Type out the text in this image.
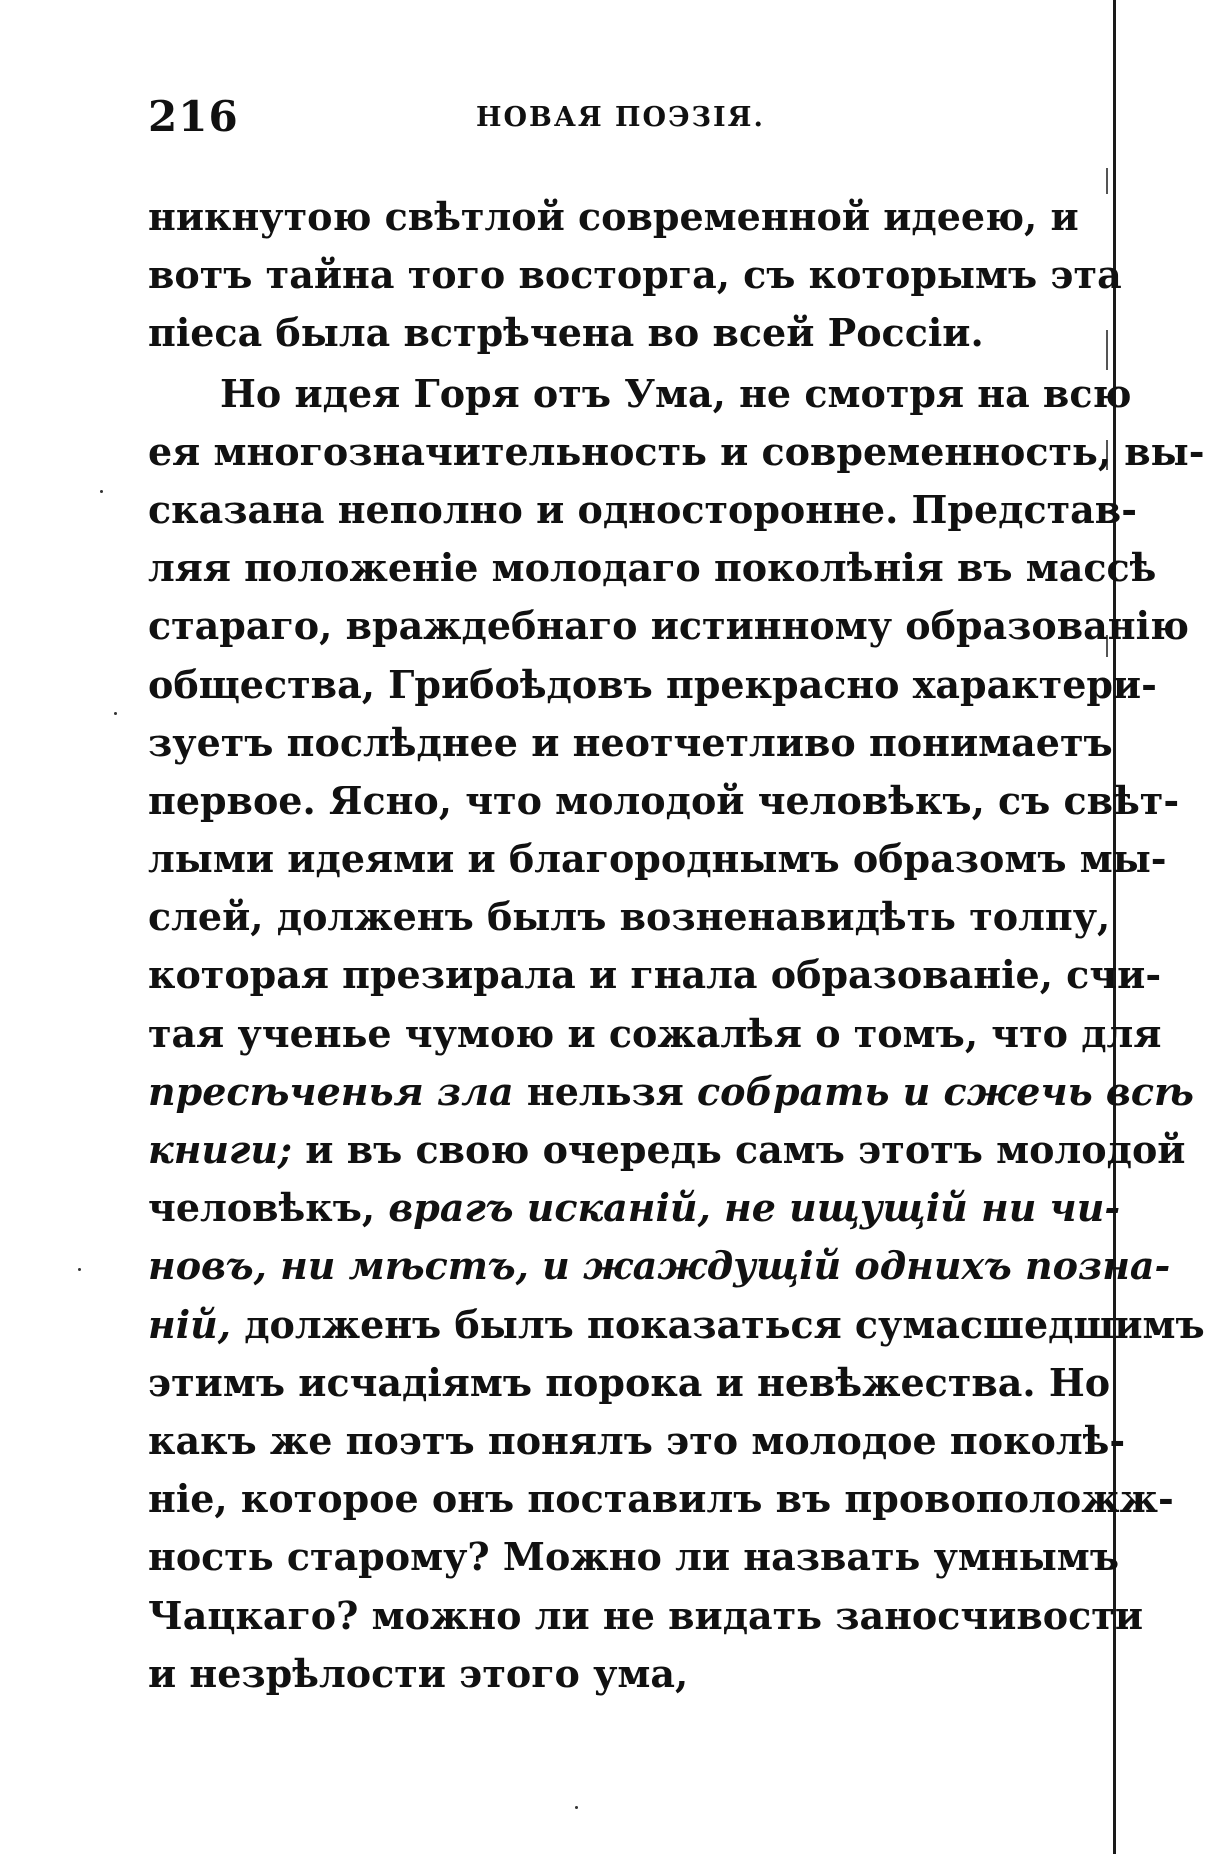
216	НОВАЯ ПОЭЗІЯ.
никнутою свѣтлой современной идеею, и
вотъ тайна того восторга, съ которымъ эта
піеса была встрѣчена во всей Россіи.
Но идея Горя отъ Ума, не смотря на всю
ея многозначительность и современность, вы-
сказана неполно и одностороннe. Представ-
ляя положеніе молодаго поколѣнія въ массѣ
стараго, враждебнаго истинному образованію
общества, Грибоѣдовъ прекрасно характери-
зуетъ послѣднее и неотчетливо понимаетъ
первое. Ясно, что молодой человѣкъ, съ свѣт-
лыми идеями и благороднымъ образомъ мы-
слей, долженъ былъ возненавидѣть толпу,
которая презирала и гнала образованіе, счи-
тая ученье чумою и сожалѣя о томъ, что для
пресѣченья зла нельзя собрать и сжечь всѣ
книги; и въ свою очередь самъ этотъ молодой
человѣкъ, врагъ исканій, не ищущій ни чи-
новъ, ни мѣстъ, и жаждущій однихъ позна-
ній, долженъ былъ показаться сумасшедшимъ
этимъ исчадіямъ порока и невѣжества. Но
какъ же поэтъ понялъ это молодое поколѣ-
ніе, которое онъ поставилъ въ провоположж-
ность старому? Можно ли назвать умнымъ
Чацкаго? можно ли не видать заносчивости
и незрѣлости этого ума,
